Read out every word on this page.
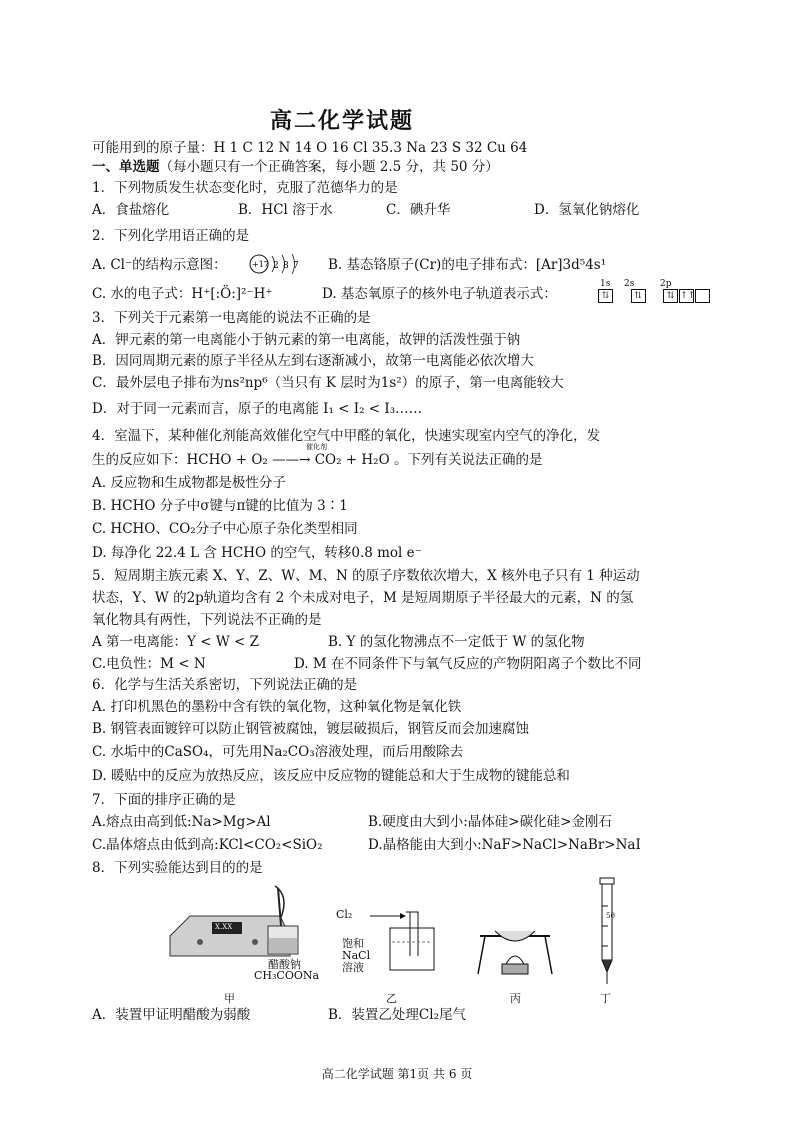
高二化学试题
可能用到的原子量：H 1 C 12 N 14 O 16 Cl 35.3 Na 23 S 32 Cu 64
一、单选题（每小题只有一个正确答案，每小题 2.5 分，共 50 分）
1．下列物质发生状态变化时，克服了范德华力的是
A．食盐熔化	B．HCl 溶于水	C．碘升华	D．氢氧化钠熔化
2．下列化学用语正确的是
A. Cl⁻的结构示意图：	+17 2 8 7 B. 基态铬原子(Cr)的电子排布式：[Ar]3d⁵4s¹
C. 水的电子式：H⁺[:Ö:]²⁻H⁺	D. 基态氧原子的核外电子轨道表示式：
1s 2s	2p
⇅	⇅	⇅ ↑↑
3．下列关于元素第一电离能的说法不正确的是
A．钾元素的第一电离能小于钠元素的第一电离能，故钾的活泼性强于钠
B．因同周期元素的原子半径从左到右逐渐减小，故第一电离能必依次增大
C．最外层电子排布为ns²np⁶（当只有 K 层时为1s²）的原子，第一电离能较大
D．对于同一元素而言，原子的电离能 I₁ < I₂ < I₃……
4．室温下，某种催化剂能高效催化空气中甲醛的氧化，快速实现室内空气的净化，发
生的反应如下：HCHO + O₂ ——→ CO₂ + H₂O 。下列有关说法正确的是
催化剂
A. 反应物和生成物都是极性分子
B. HCHO 分子中σ键与π键的比值为 3∶1
C. HCHO、CO₂分子中心原子杂化类型相同
D. 每净化 22.4 L 含 HCHO 的空气，转移0.8 mol e⁻
5．短周期主族元素 X、Y、Z、W、M、N 的原子序数依次增大，X 核外电子只有 1 种运动
状态，Y、W 的2p轨道均含有 2 个未成对电子，M 是短周期原子半径最大的元素，N 的氢
氧化物具有两性，下列说法不正确的是
A 第一电离能：Y < W < Z	B. Y 的氢化物沸点不一定低于 W 的氢化物
C.电负性：M < N	D. M 在不同条件下与氧气反应的产物阴阳离子个数比不同
6．化学与生活关系密切，下列说法正确的是
A. 打印机黑色的墨粉中含有铁的氧化物，这种氧化物是氧化铁
B. 钢管表面镀锌可以防止钢管被腐蚀，镀层破损后，钢管反而会加速腐蚀
C. 水垢中的CaSO₄，可先用Na₂CO₃溶液处理，而后用酸除去
D. 暖贴中的反应为放热反应，该反应中反应物的键能总和大于生成物的键能总和
7．下面的排序正确的是
A.熔点由高到低:Na>Mg>Al	B.硬度由大到小:晶体硅>碳化硅>金刚石
C.晶体熔点由低到高:KCl<CO₂<SiO₂	D.晶格能由大到小:NaF>NaCl>NaBr>NaI
8．下列实验能达到目的的是
X.XX
醋酸钠
CH₃COONa
Cl₂
饱和
NaCl
溶液
50
甲	乙	丙	丁
A．装置甲证明醋酸为弱酸	B．装置乙处理Cl₂尾气
高二化学试题 第1页 共 6 页
